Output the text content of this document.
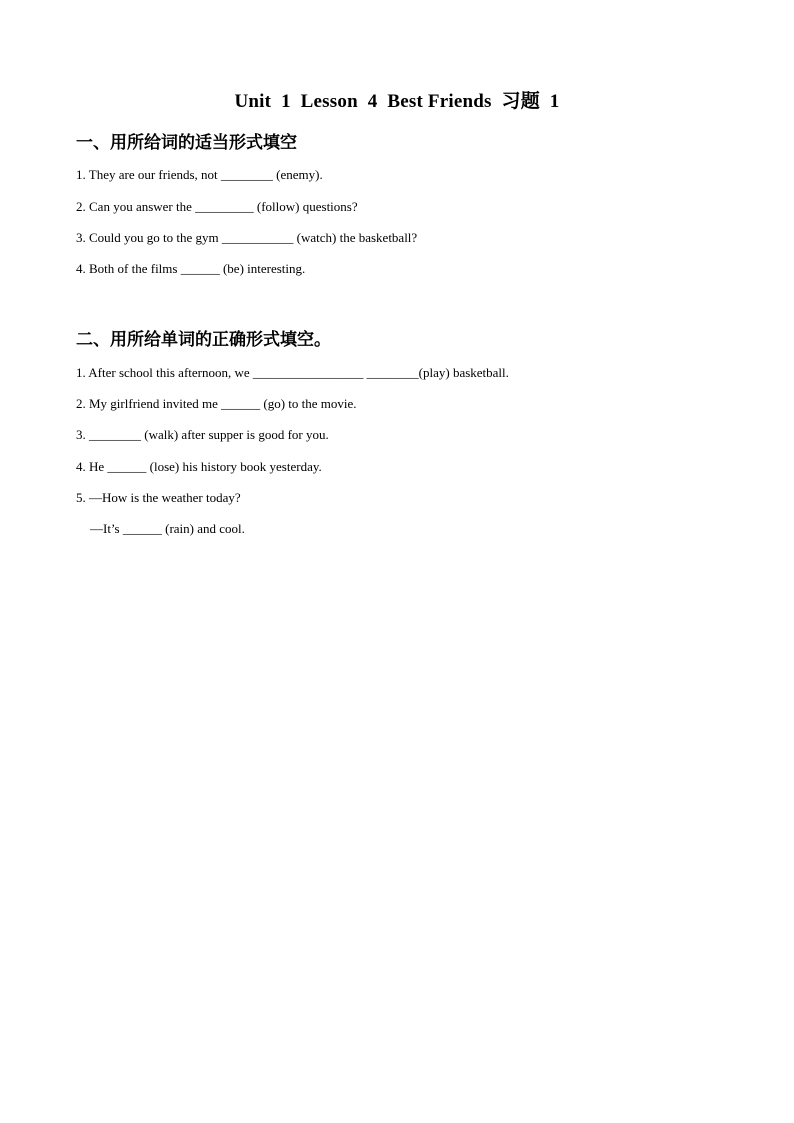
Unit  1  Lesson  4  Best Friends  习题  1
一、用所给词的适当形式填空
1. They are our friends, not ________ (enemy).
2. Can you answer the _________ (follow) questions?
3. Could you go to the gym ___________ (watch) the basketball?
4. Both of the films ______ (be) interesting.
二、用所给单词的正确形式填空。
1. After school this afternoon, we _________________ ________(play) basketball.
2. My girlfriend invited me ______ (go) to the movie.
3. ________ (walk) after supper is good for you.
4. He ______ (lose) his history book yesterday.
5. —How is the weather today?
—It’s ______ (rain) and cool.
